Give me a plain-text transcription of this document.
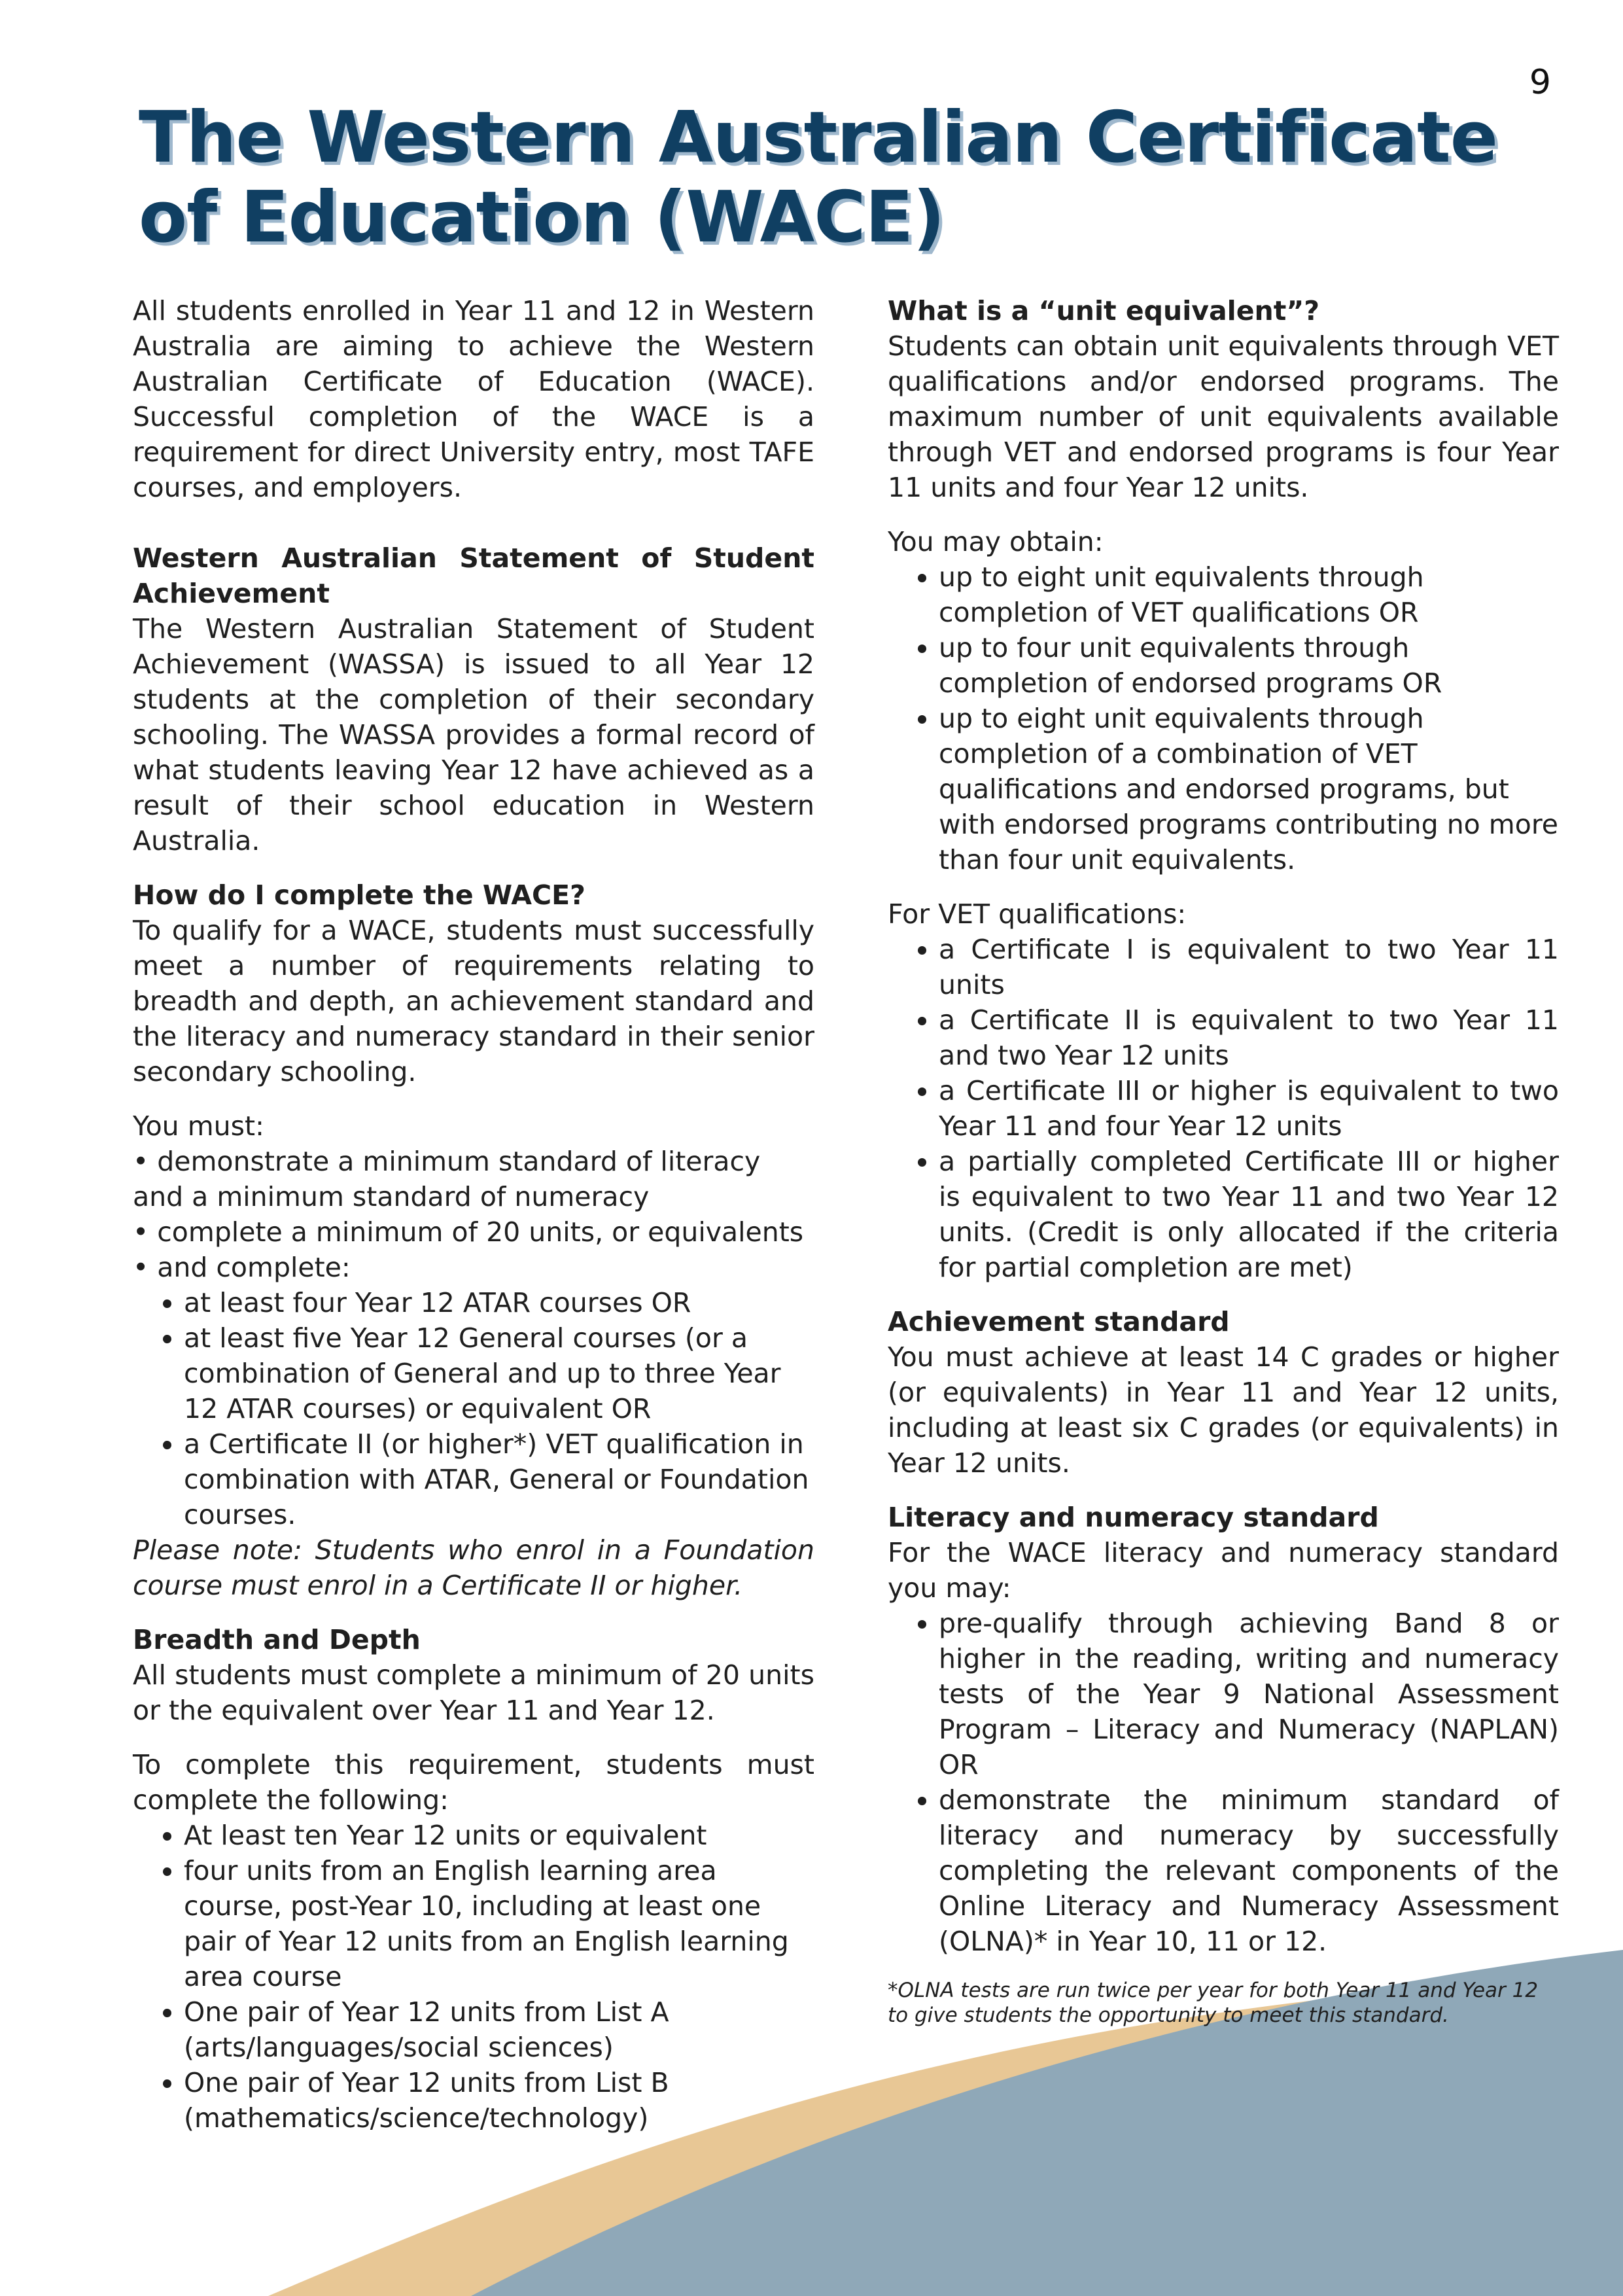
9
The Western Australian Certificate
of Education (WACE)

All students enrolled in Year 11 and 12 in Western Australia are aiming to achieve the Western Australian Certificate of Education (WACE). Successful completion of the WACE is a requirement for direct University entry, most TAFE courses, and employers.

Western Australian Statement of Student Achievement

The Western Australian Statement of Student Achievement (WASSA) is issued to all Year 12 students at the completion of their secondary schooling. The WASSA provides a formal record of what students leaving Year 12 have achieved as a result of their school education in Western Australia.

How do I complete the WACE?

To qualify for a WACE, students must successfully meet a number of requirements relating to breadth and depth, an achievement standard and the literacy and numeracy standard in their senior secondary schooling.

You must:

• demonstrate a minimum standard of literacy and a minimum standard of numeracy

• complete a minimum of 20 units, or equivalents

• and complete:

• at least four Year 12 ATAR courses OR
• at least five Year 12 General courses (or a combination of General and up to three Year 12 ATAR courses) or equivalent OR
• a Certificate II (or higher*) VET qualification in combination with ATAR, General or Foundation courses.

Please note: Students who enrol in a Foundation course must enrol in a Certificate II or higher.

Breadth and Depth

All students must complete a minimum of 20 units or the equivalent over Year 11 and Year 12.

To complete this requirement, students must complete the following:

• At least ten Year 12 units or equivalent
• four units from an English learning area course, post-Year 10, including at least one pair of Year 12 units from an English learning area course
• One pair of Year 12 units from List A (arts/languages/social sciences)
• One pair of Year 12 units from List B (mathematics/science/technology)

What is a “unit equivalent”?

Students can obtain unit equivalents through VET qualifications and/or endorsed programs. The maximum number of unit equivalents available through VET and endorsed programs is four Year 11 units and four Year 12 units.

You may obtain:

• up to eight unit equivalents through completion of VET qualifications OR
• up to four unit equivalents through completion of endorsed programs OR
• up to eight unit equivalents through completion of a combination of VET qualifications and endorsed programs, but with endorsed programs contributing no more than four unit equivalents.

For VET qualifications:

• a Certificate I is equivalent to two Year 11 units
• a Certificate II is equivalent to two Year 11 and two Year 12 units
• a Certificate III or higher is equivalent to two Year 11 and four Year 12 units
• a partially completed Certificate III or higher is equivalent to two Year 11 and two Year 12 units. (Credit is only allocated if the criteria for partial completion are met)

Achievement standard

You must achieve at least 14 C grades or higher (or equivalents) in Year 11 and Year 12 units, including at least six C grades (or equivalents) in Year 12 units.

Literacy and numeracy standard

For the WACE literacy and numeracy standard you may:

• pre-qualify through achieving Band 8 or higher in the reading, writing and numeracy tests of the Year 9 National Assessment Program – Literacy and Numeracy (NAPLAN) OR
• demonstrate the minimum standard of literacy and numeracy by successfully completing the relevant components of the Online Literacy and Numeracy Assessment (OLNA)* in Year 10, 11 or 12.

*OLNA tests are run twice per year for both Year 11 and Year 12 to give students the opportunity to meet this standard.
